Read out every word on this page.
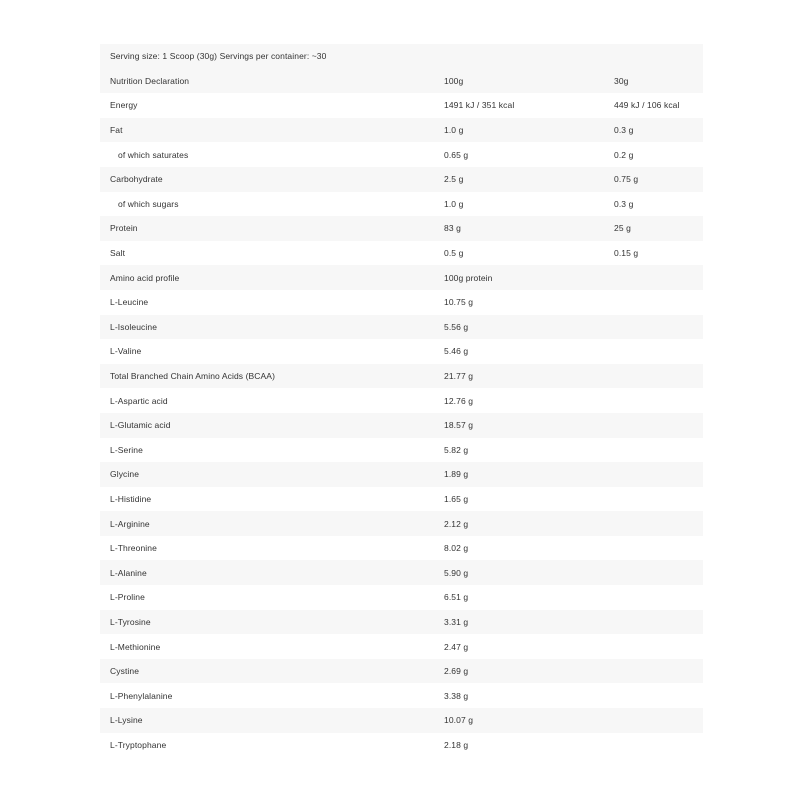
Serving size: 1 Scoop (30g) Servings per container: ~30
Nutrition Declaration	100g	30g
Energy	1491 kJ / 351 kcal	449 kJ / 106 kcal
Fat	1.0 g	0.3 g
of which saturates	0.65 g	0.2 g
Carbohydrate	2.5 g	0.75 g
of which sugars	1.0 g	0.3 g
Protein	83 g	25 g
Salt	0.5 g	0.15 g
Amino acid profile	100g protein
L-Leucine	10.75 g
L-Isoleucine	5.56 g
L-Valine	5.46 g
Total Branched Chain Amino Acids (BCAA)	21.77 g
L-Aspartic acid	12.76 g
L-Glutamic acid	18.57 g
L-Serine	5.82 g
Glycine	1.89 g
L-Histidine	1.65 g
L-Arginine	2.12 g
L-Threonine	8.02 g
L-Alanine	5.90 g
L-Proline	6.51 g
L-Tyrosine	3.31 g
L-Methionine	2.47 g
Cystine	2.69 g
L-Phenylalanine	3.38 g
L-Lysine	10.07 g
L-Tryptophane	2.18 g
